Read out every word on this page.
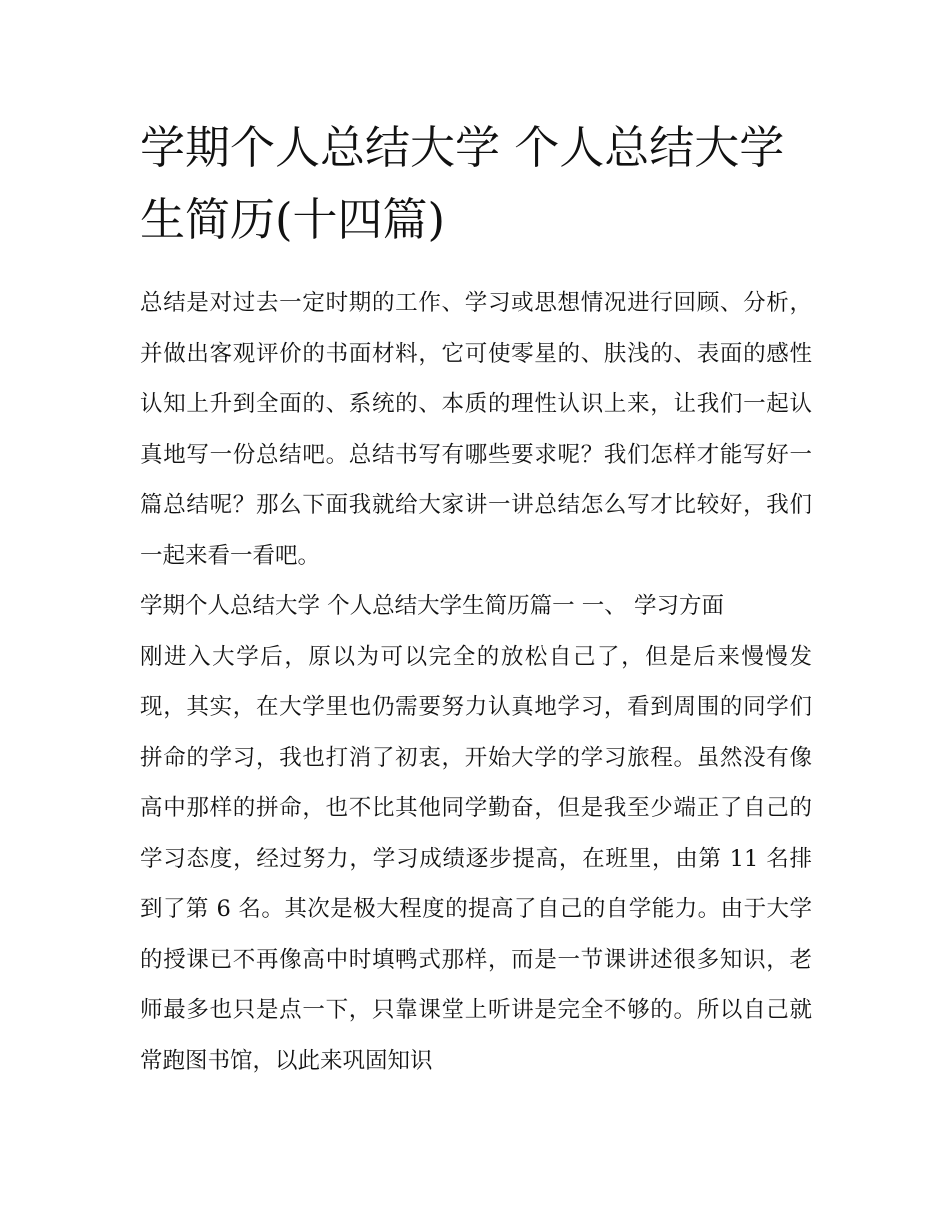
学期个人总结大学 个人总结大学生简历(十四篇)

总结是对过去一定时期的工作、学习或思想情况进行回顾、分析，并做出客观评价的书面材料，它可使零星的、肤浅的、表面的感性认知上升到全面的、系统的、本质的理性认识上来，让我们一起认真地写一份总结吧。总结书写有哪些要求呢？我们怎样才能写好一篇总结呢？那么下面我就给大家讲一讲总结怎么写才比较好，我们一起来看一看吧。

学期个人总结大学 个人总结大学生简历篇一 一、 学习方面

刚进入大学后，原以为可以完全的放松自己了，但是后来慢慢发现，其实，在大学里也仍需要努力认真地学习，看到周围的同学们拼命的学习，我也打消了初衷，开始大学的学习旅程。虽然没有像高中那样的拼命，也不比其他同学勤奋，但是我至少端正了自己的学习态度，经过努力，学习成绩逐步提高，在班里，由第 11 名排到了第 6 名。其次是极大程度的提高了自己的自学能力。由于大学的授课已不再像高中时填鸭式那样，而是一节课讲述很多知识，老师最多也只是点一下，只靠课堂上听讲是完全不够的。所以自己就常跑图书馆，以此来巩固知识
